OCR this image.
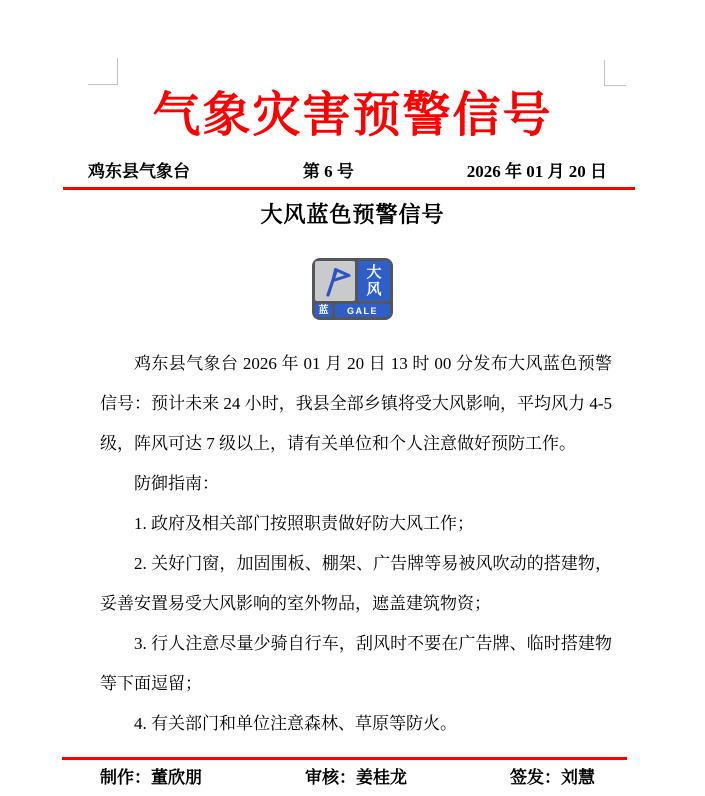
气象灾害预警信号
鸡东县气象台	第 6 号	2026 年 01 月 20 日
大风蓝色预警信号
大
风
蓝	GALE

鸡东县气象台 2026 年 01 月 20 日 13 时 00 分发布大风蓝色预警信号：预计未来 24 小时，我县全部乡镇将受大风影响，平均风力 4-5 级，阵风可达 7 级以上，请有关单位和个人注意做好预防工作。

防御指南：

1. 政府及相关部门按照职责做好防大风工作；

2. 关好门窗，加固围板、棚架、广告牌等易被风吹动的搭建物，妥善安置易受大风影响的室外物品，遮盖建筑物资；

3. 行人注意尽量少骑自行车，刮风时不要在广告牌、临时搭建物等下面逗留；

4. 有关部门和单位注意森林、草原等防火。

制作：董欣朋	审核：姜桂龙	签发：刘慧
